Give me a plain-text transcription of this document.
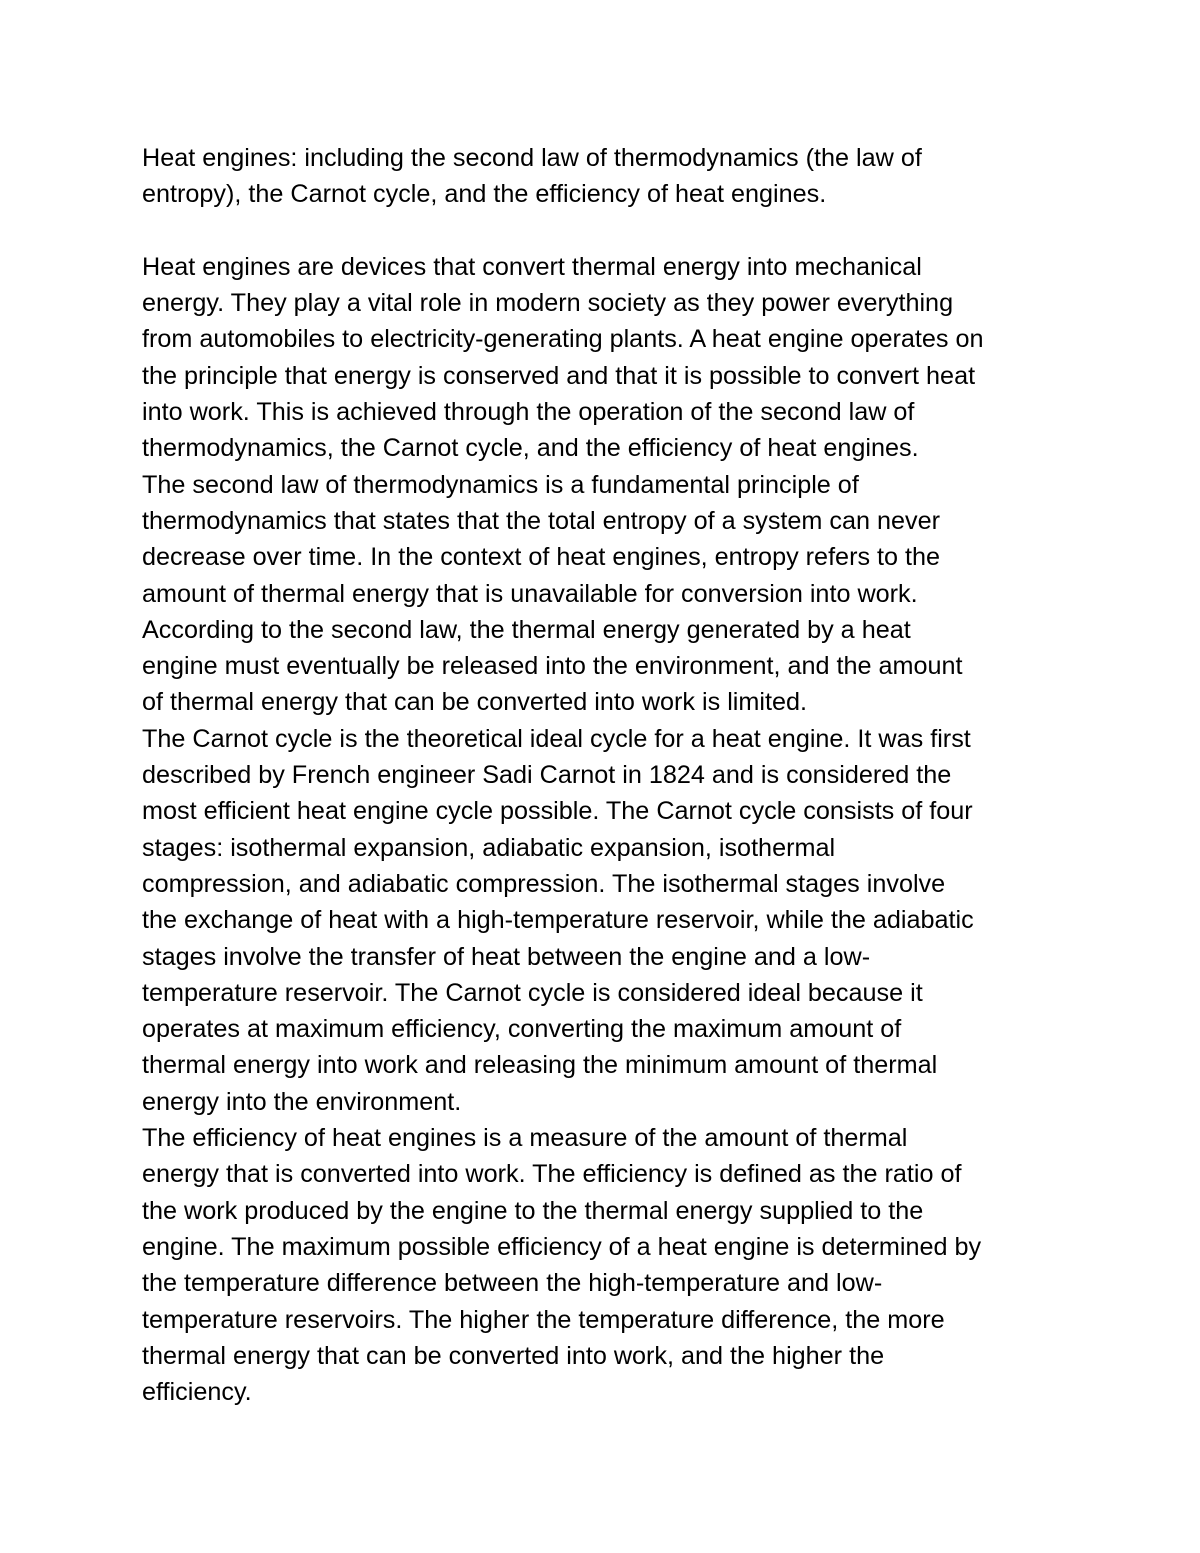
Heat engines: including the second law of thermodynamics (the law of
entropy), the Carnot cycle, and the efficiency of heat engines.
Heat engines are devices that convert thermal energy into mechanical
energy. They play a vital role in modern society as they power everything
from automobiles to electricity-generating plants. A heat engine operates on
the principle that energy is conserved and that it is possible to convert heat
into work. This is achieved through the operation of the second law of
thermodynamics, the Carnot cycle, and the efficiency of heat engines.
The second law of thermodynamics is a fundamental principle of
thermodynamics that states that the total entropy of a system can never
decrease over time. In the context of heat engines, entropy refers to the
amount of thermal energy that is unavailable for conversion into work.
According to the second law, the thermal energy generated by a heat
engine must eventually be released into the environment, and the amount
of thermal energy that can be converted into work is limited.
The Carnot cycle is the theoretical ideal cycle for a heat engine. It was first
described by French engineer Sadi Carnot in 1824 and is considered the
most efficient heat engine cycle possible. The Carnot cycle consists of four
stages: isothermal expansion, adiabatic expansion, isothermal
compression, and adiabatic compression. The isothermal stages involve
the exchange of heat with a high-temperature reservoir, while the adiabatic
stages involve the transfer of heat between the engine and a low-
temperature reservoir. The Carnot cycle is considered ideal because it
operates at maximum efficiency, converting the maximum amount of
thermal energy into work and releasing the minimum amount of thermal
energy into the environment.
The efficiency of heat engines is a measure of the amount of thermal
energy that is converted into work. The efficiency is defined as the ratio of
the work produced by the engine to the thermal energy supplied to the
engine. The maximum possible efficiency of a heat engine is determined by
the temperature difference between the high-temperature and low-
temperature reservoirs. The higher the temperature difference, the more
thermal energy that can be converted into work, and the higher the
efficiency.
